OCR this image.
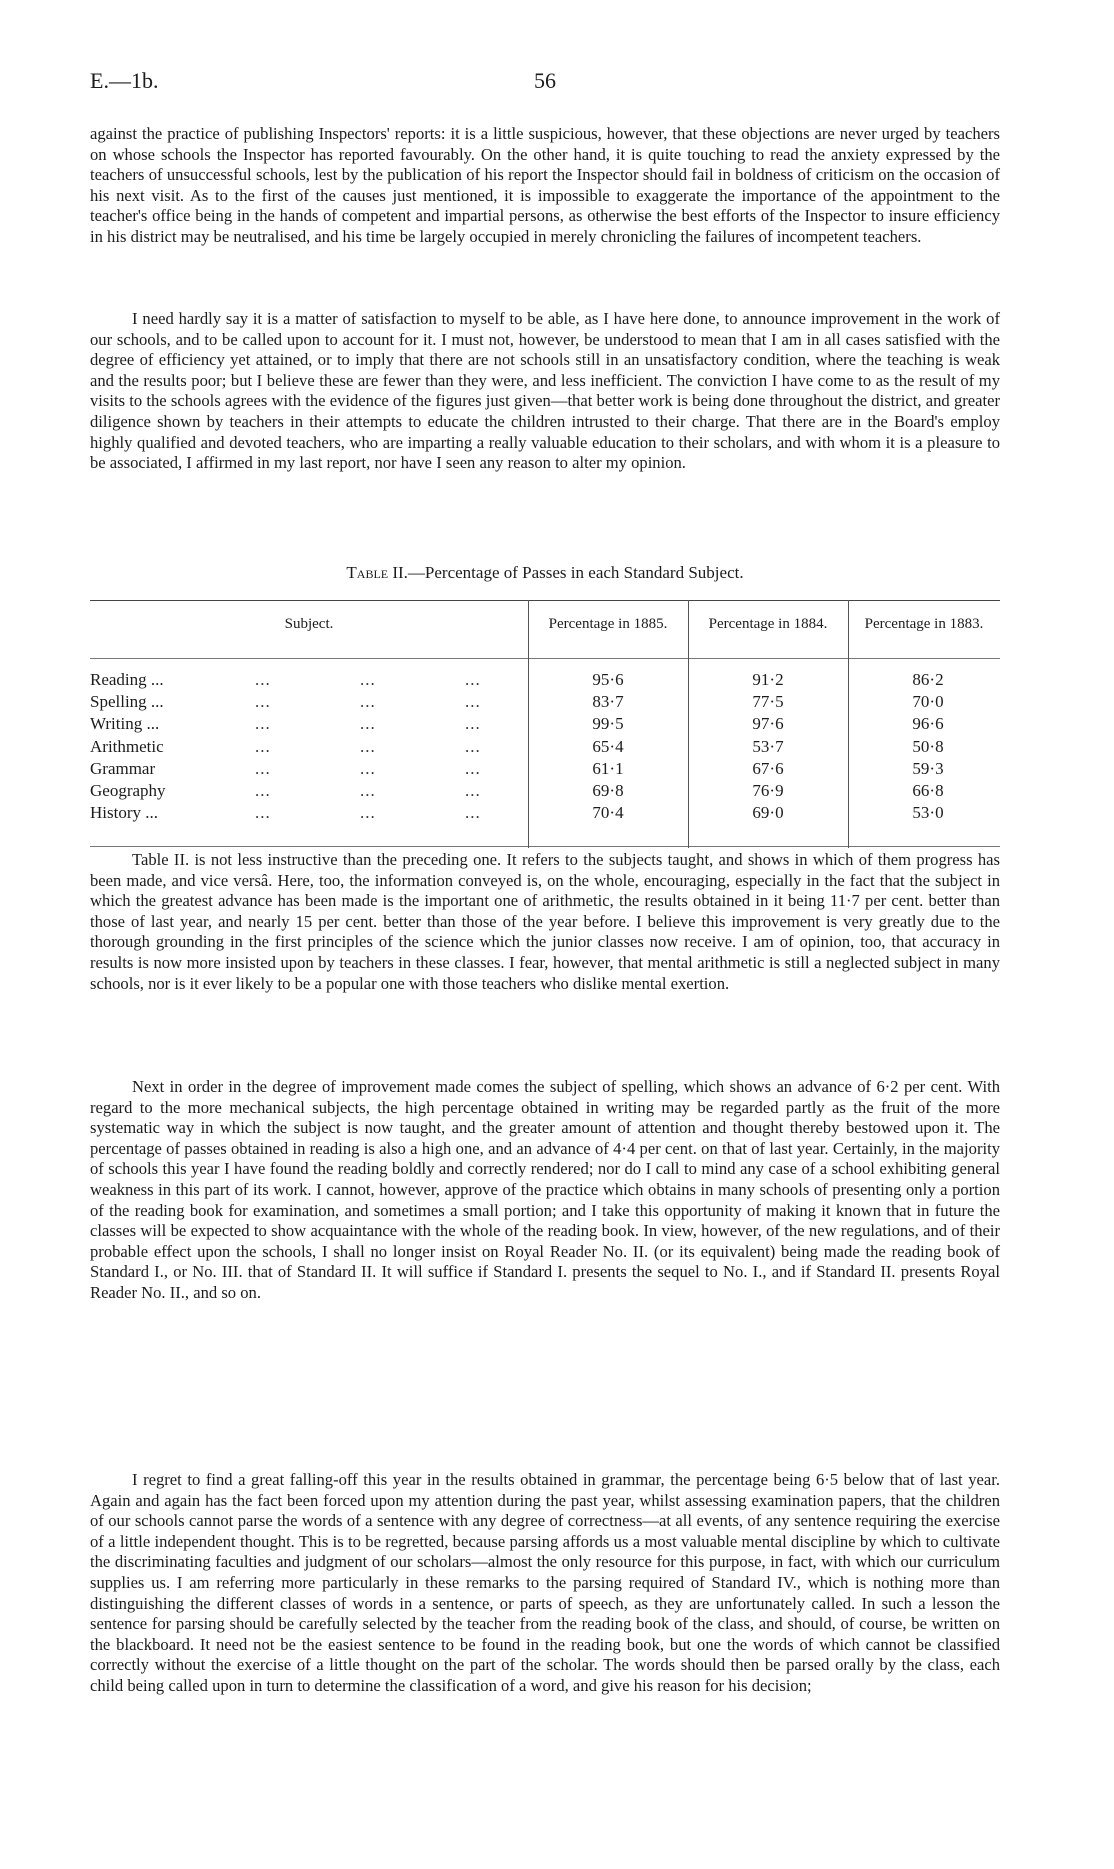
E.—1b.	56

against the practice of publishing Inspectors' reports: it is a little suspicious, however, that these objections are never urged by teachers on whose schools the Inspector has reported favourably. On the other hand, it is quite touching to read the anxiety expressed by the teachers of unsuccessful schools, lest by the publication of his report the Inspector should fail in boldness of criticism on the occasion of his next visit. As to the first of the causes just mentioned, it is impossible to exaggerate the importance of the appointment to the teacher's office being in the hands of competent and impartial persons, as otherwise the best efforts of the Inspector to insure efficiency in his district may be neutralised, and his time be largely occupied in merely chronicling the failures of incompetent teachers.

I need hardly say it is a matter of satisfaction to myself to be able, as I have here done, to announce improvement in the work of our schools, and to be called upon to account for it. I must not, however, be understood to mean that I am in all cases satisfied with the degree of efficiency yet attained, or to imply that there are not schools still in an unsatisfactory condition, where the teaching is weak and the results poor; but I believe these are fewer than they were, and less inefficient. The conviction I have come to as the result of my visits to the schools agrees with the evidence of the figures just given—that better work is being done throughout the district, and greater diligence shown by teachers in their attempts to educate the children intrusted to their charge. That there are in the Board's employ highly qualified and devoted teachers, who are imparting a really valuable education to their scholars, and with whom it is a pleasure to be associated, I affirmed in my last report, nor have I seen any reason to alter my opinion.

Table II.—Percentage of Passes in each Standard Subject.
Subject.	Percentage in 1885.	Percentage in 1884.	Percentage in 1883.
Reading ...	...	...	...	95·6	91·2	86·2
Spelling ...	...	...	...	83·7	77·5	70·0
Writing ...	...	...	...	99·5	97·6	96·6
Arithmetic	...	...	...	65·4	53·7	50·8
Grammar	...	...	...	61·1	67·6	59·3
Geography	...	...	...	69·8	76·9	66·8
History ...	...	...	...	70·4	69·0	53·0

Table II. is not less instructive than the preceding one. It refers to the subjects taught, and shows in which of them progress has been made, and vice versâ. Here, too, the information conveyed is, on the whole, encouraging, especially in the fact that the subject in which the greatest advance has been made is the important one of arithmetic, the results obtained in it being 11·7 per cent. better than those of last year, and nearly 15 per cent. better than those of the year before. I believe this improvement is very greatly due to the thorough grounding in the first principles of the science which the junior classes now receive. I am of opinion, too, that accuracy in results is now more insisted upon by teachers in these classes. I fear, however, that mental arithmetic is still a neglected subject in many schools, nor is it ever likely to be a popular one with those teachers who dislike mental exertion.

Next in order in the degree of improvement made comes the subject of spelling, which shows an advance of 6·2 per cent. With regard to the more mechanical subjects, the high percentage obtained in writing may be regarded partly as the fruit of the more systematic way in which the subject is now taught, and the greater amount of attention and thought thereby bestowed upon it. The percentage of passes obtained in reading is also a high one, and an advance of 4·4 per cent. on that of last year. Certainly, in the majority of schools this year I have found the reading boldly and correctly rendered; nor do I call to mind any case of a school exhibiting general weakness in this part of its work. I cannot, however, approve of the practice which obtains in many schools of presenting only a portion of the reading book for examination, and sometimes a small portion; and I take this opportunity of making it known that in future the classes will be expected to show acquaintance with the whole of the reading book. In view, however, of the new regulations, and of their probable effect upon the schools, I shall no longer insist on Royal Reader No. II. (or its equivalent) being made the reading book of Standard I., or No. III. that of Standard II. It will suffice if Standard I. presents the sequel to No. I., and if Standard II. presents Royal Reader No. II., and so on.

I regret to find a great falling-off this year in the results obtained in grammar, the percentage being 6·5 below that of last year. Again and again has the fact been forced upon my attention during the past year, whilst assessing examination papers, that the children of our schools cannot parse the words of a sentence with any degree of correctness—at all events, of any sentence requiring the exercise of a little independent thought. This is to be regretted, because parsing affords us a most valuable mental discipline by which to cultivate the discriminating faculties and judgment of our scholars—almost the only resource for this purpose, in fact, with which our curriculum supplies us. I am referring more particularly in these remarks to the parsing required of Standard IV., which is nothing more than distinguishing the different classes of words in a sentence, or parts of speech, as they are unfortunately called. In such a lesson the sentence for parsing should be carefully selected by the teacher from the reading book of the class, and should, of course, be written on the blackboard. It need not be the easiest sentence to be found in the reading book, but one the words of which cannot be classified correctly without the exercise of a little thought on the part of the scholar. The words should then be parsed orally by the class, each child being called upon in turn to determine the classification of a word, and give his reason for his decision;
